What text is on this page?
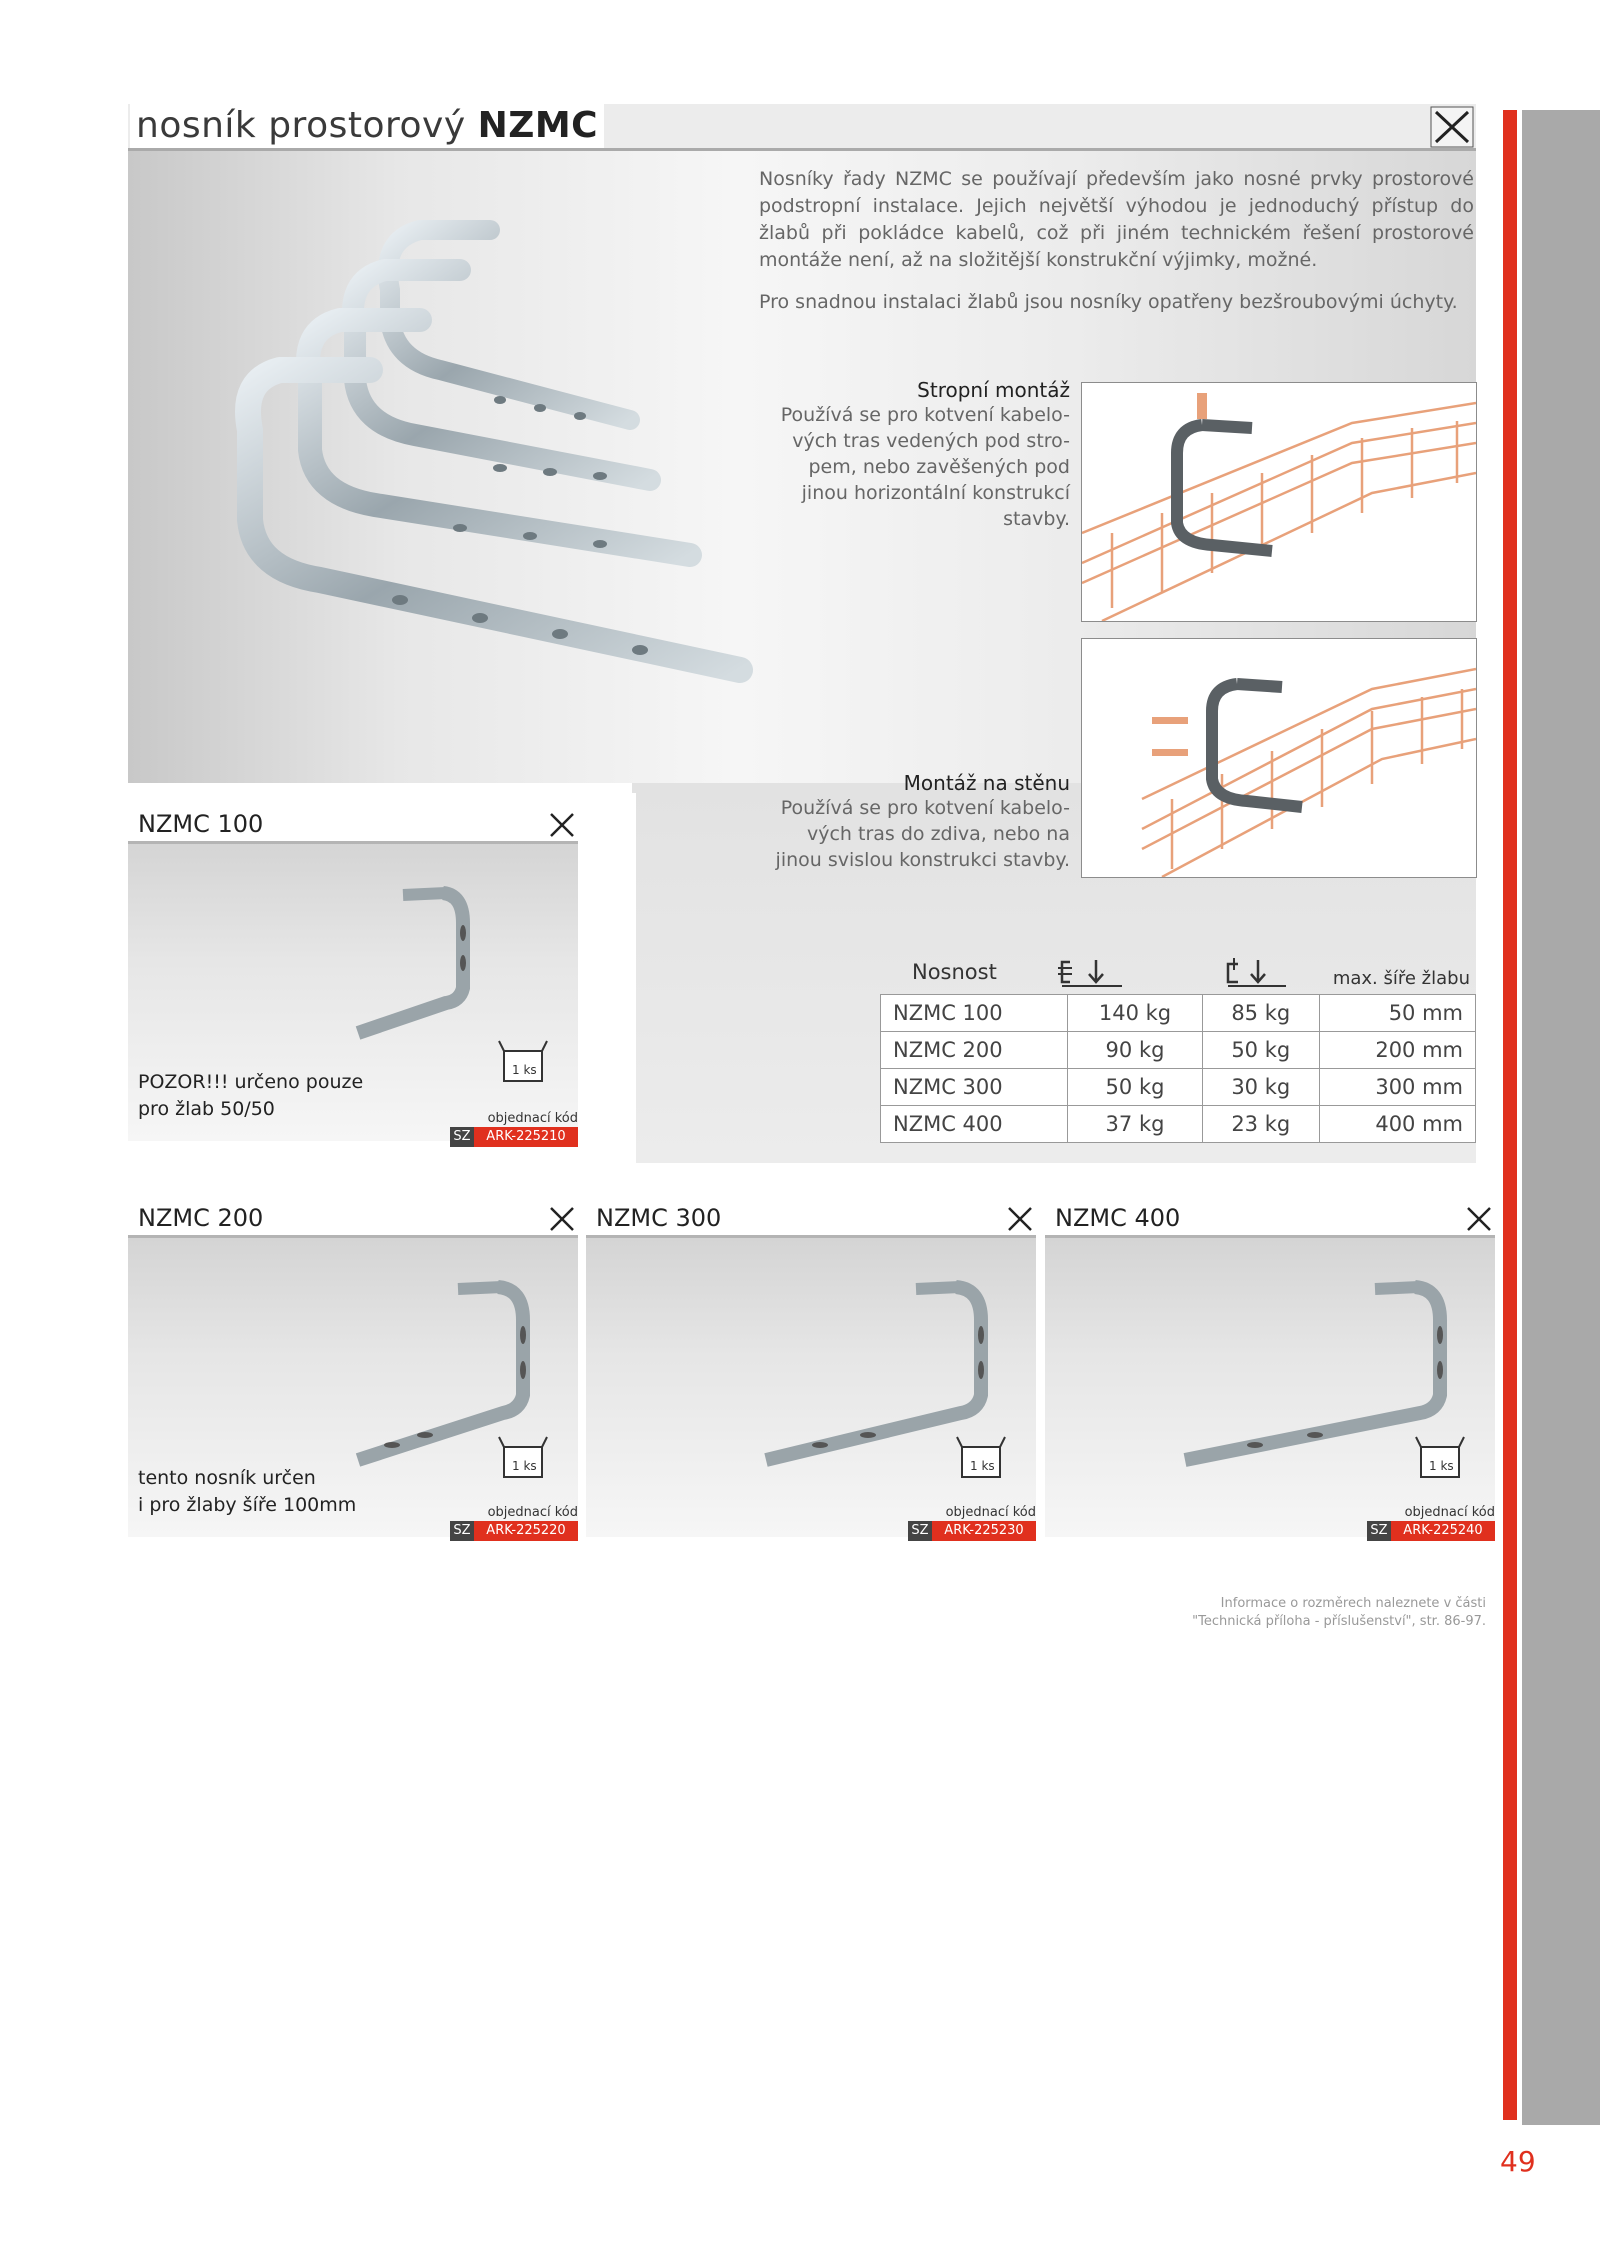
49
nosník prostorový NZMC
Nosníky řady NZMC se používají především jako nosné prvky prostorové podstropní instalace. Jejich největší výhodou je jednoduchý přístup do žlabů při pokládce kabelů, což při jiném technickém řešení prostorové montáže není, až na složitější konstrukční výjimky, možné.
Pro snadnou instalaci žlabů jsou nosníky opatřeny bezšroubovými úchyty.
Stropní montáž
Používá se pro kotvení kabelo-vých tras vedených pod stro-pem, nebo zavěšených pod jinou horizontální konstrukcí stavby.
Montáž na stěnu
Používá se pro kotvení kabelo-vých tras do zdiva, nebo na jinou svislou konstrukci stavby.
Nosnost	max. šíře žlabu
NZMC 100	140 kg	85 kg	50 mm
NZMC 200	90 kg	50 kg	200 mm
NZMC 300	50 kg	30 kg	300 mm
NZMC 400	37 kg	23 kg	400 mm
NZMC 100
POZOR!!! určeno pouze
pro žlab 50/50
1 ks
objednací kód
SZ	ARK-225210
NZMC 200
tento nosník určen
i pro žlaby šíře 100mm
1 ks
objednací kód
SZ	ARK-225220
NZMC 300
1 ks
objednací kód
SZ	ARK-225230
NZMC 400
1 ks
objednací kód
SZ	ARK-225240
Informace o rozměrech naleznete v části
"Technická příloha - příslušenství", str. 86-97.
